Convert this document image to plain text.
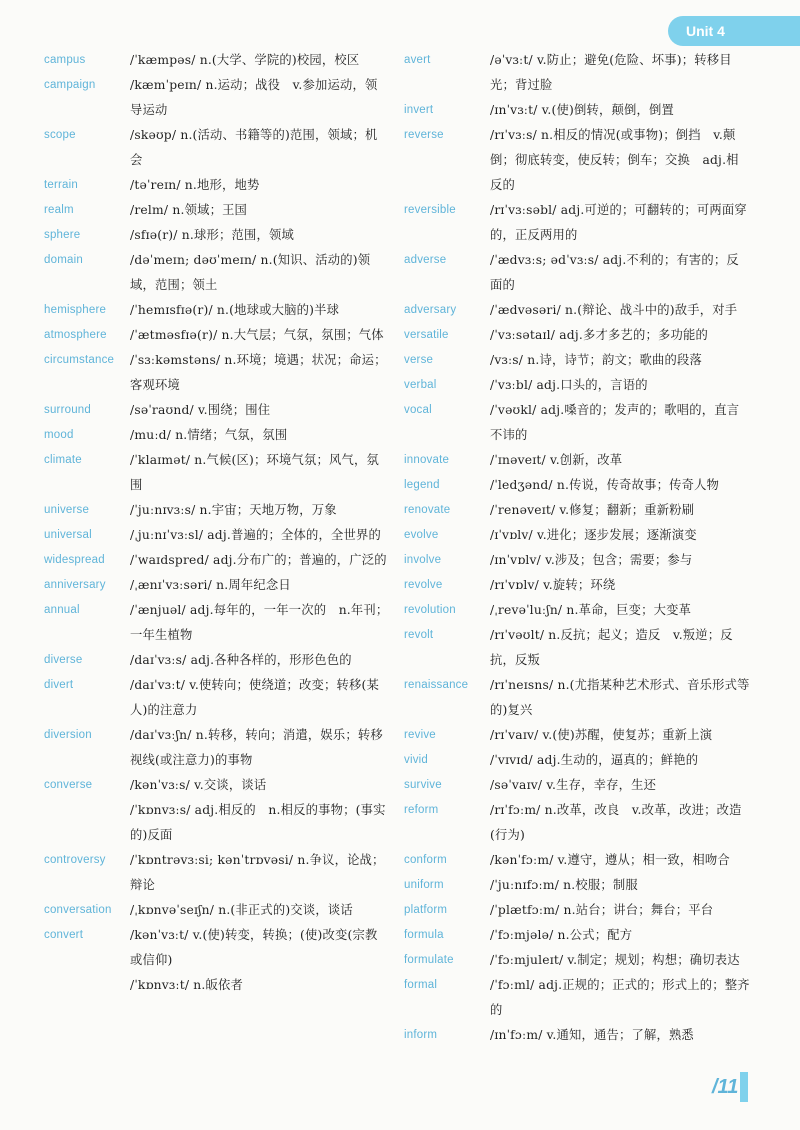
Unit 4
campus	/ˈkæmpəs/ n.(大学、学院的)校园，校区
campaign	/kæmˈpeɪn/ n.运动；战役　v.参加运动，领导运动
scope	/skəʊp/ n.(活动、书籍等的)范围，领域；机会
terrain	/təˈreɪn/ n.地形，地势
realm	/relm/ n.领域；王国
sphere	/sfɪə(r)/ n.球形；范围，领域
domain	/dəˈmeɪn; dəʊˈmeɪn/ n.(知识、活动的)领域，范围；领土
hemisphere	/ˈhemɪsfɪə(r)/ n.(地球或大脑的)半球
atmosphere	/ˈætməsfɪə(r)/ n.大气层；气氛，氛围；气体
circumstance	/ˈsɜːkəmstəns/ n.环境；境遇；状况；命运；客观环境
surround	/səˈraʊnd/ v.围绕；围住
mood	/muːd/ n.情绪；气氛，氛围
climate	/ˈklaɪmət/ n.气候(区)；环境气氛；风气，氛围
universe	/ˈjuːnɪvɜːs/ n.宇宙；天地万物，万象
universal	/ˌjuːnɪˈvɜːsl/ adj.普遍的；全体的，全世界的
widespread	/ˈwaɪdspred/ adj.分布广的；普遍的，广泛的
anniversary	/ˌænɪˈvɜːsəri/ n.周年纪念日
annual	/ˈænjuəl/ adj.每年的，一年一次的　n.年刊；一年生植物
diverse	/daɪˈvɜːs/ adj.各种各样的，形形色色的
divert	/daɪˈvɜːt/ v.使转向；使绕道；改变；转移(某人)的注意力
diversion	/daɪˈvɜːʃn/ n.转移，转向；消遣，娱乐；转移视线(或注意力)的事物
converse	/kənˈvɜːs/ v.交谈，谈话
/ˈkɒnvɜːs/ adj.相反的　n.相反的事物；(事实的)反面
controversy	/ˈkɒntrəvɜːsi; kənˈtrɒvəsi/ n.争议，论战；辩论
conversation	/ˌkɒnvəˈseɪʃn/ n.(非正式的)交谈，谈话
convert	/kənˈvɜːt/ v.(使)转变，转换；(使)改变(宗教或信仰)
/ˈkɒnvɜːt/ n.皈依者
avert	/əˈvɜːt/ v.防止；避免(危险、坏事)；转移目光；背过脸
invert	/ɪnˈvɜːt/ v.(使)倒转，颠倒，倒置
reverse	/rɪˈvɜːs/ n.相反的情况(或事物)；倒挡　v.颠倒；彻底转变，使反转；倒车；交换　adj.相反的
reversible	/rɪˈvɜːsəbl/ adj.可逆的；可翻转的；可两面穿的，正反两用的
adverse	/ˈædvɜːs; ədˈvɜːs/ adj.不利的；有害的；反面的
adversary	/ˈædvəsəri/ n.(辩论、战斗中的)敌手，对手
versatile	/ˈvɜːsətaɪl/ adj.多才多艺的；多功能的
verse	/vɜːs/ n.诗，诗节；韵文；歌曲的段落
verbal	/ˈvɜːbl/ adj.口头的，言语的
vocal	/ˈvəʊkl/ adj.嗓音的；发声的；歌唱的，直言不讳的
innovate	/ˈɪnəveɪt/ v.创新，改革
legend	/ˈledʒənd/ n.传说，传奇故事；传奇人物
renovate	/ˈrenəveɪt/ v.修复；翻新；重新粉刷
evolve	/ɪˈvɒlv/ v.进化；逐步发展；逐渐演变
involve	/ɪnˈvɒlv/ v.涉及；包含；需要；参与
revolve	/rɪˈvɒlv/ v.旋转；环绕
revolution	/ˌrevəˈluːʃn/ n.革命，巨变；大变革
revolt	/rɪˈvəʊlt/ n.反抗；起义；造反　v.叛逆；反抗，反叛
renaissance	/rɪˈneɪsns/ n.(尤指某种艺术形式、音乐形式等的)复兴
revive	/rɪˈvaɪv/ v.(使)苏醒，使复苏；重新上演
vivid	/ˈvɪvɪd/ adj.生动的，逼真的；鲜艳的
survive	/səˈvaɪv/ v.生存，幸存，生还
reform	/rɪˈfɔːm/ n.改革，改良　v.改革，改进；改造(行为)
conform	/kənˈfɔːm/ v.遵守，遵从；相一致，相吻合
uniform	/ˈjuːnɪfɔːm/ n.校服；制服
platform	/ˈplætfɔːm/ n.站台；讲台；舞台；平台
formula	/ˈfɔːmjələ/ n.公式；配方
formulate	/ˈfɔːmjuleɪt/ v.制定；规划；构想；确切表达
formal	/ˈfɔːml/ adj.正规的；正式的；形式上的；整齐的
inform	/ɪnˈfɔːm/ v.通知，通告；了解，熟悉
/11
